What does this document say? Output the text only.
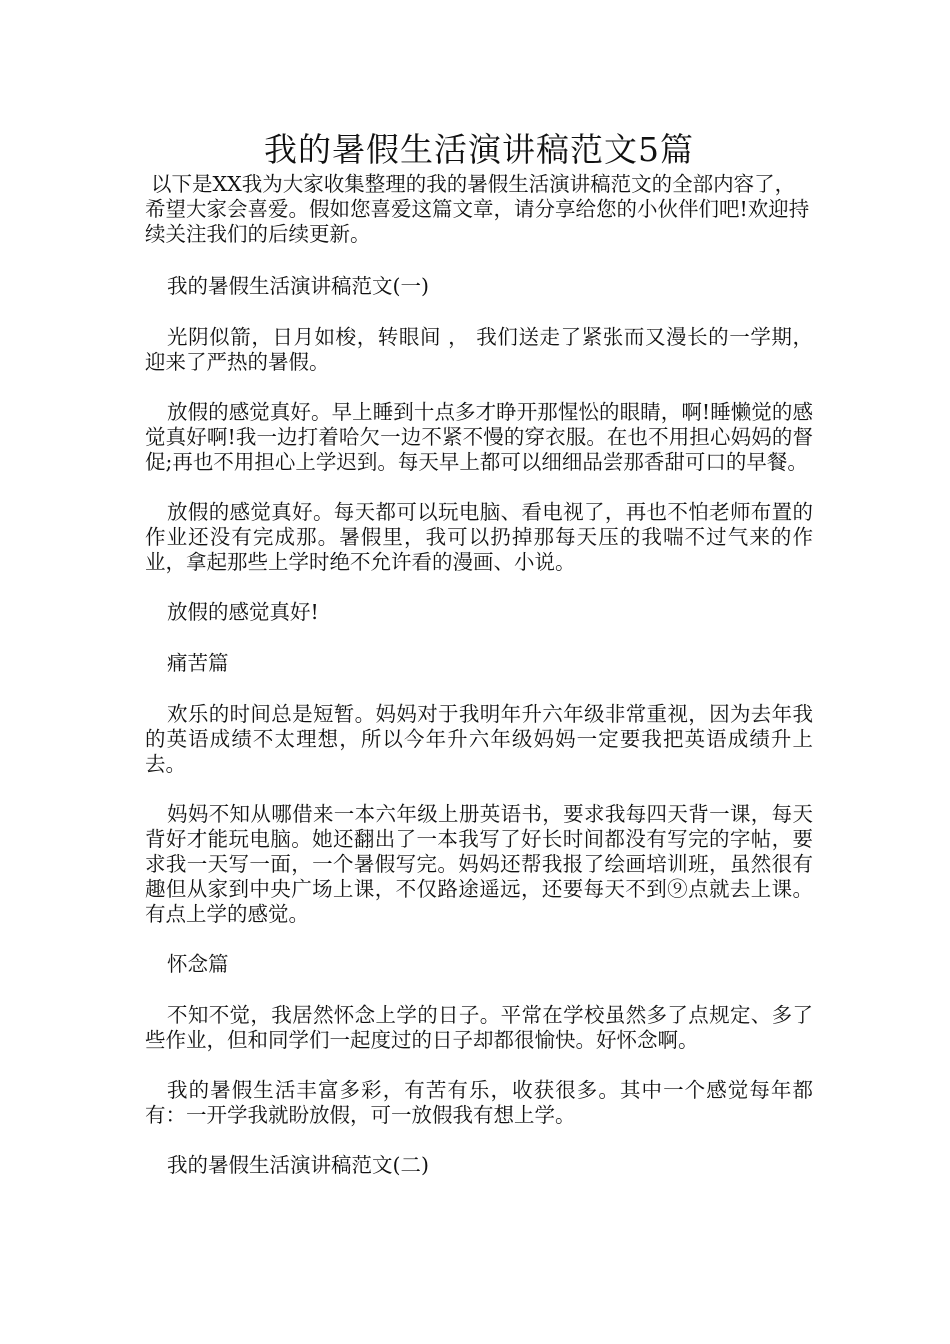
我的暑假生活演讲稿范文5篇

以下是XX我为大家收集整理的我的暑假生活演讲稿范文的全部内容了，希望大家会喜爱。假如您喜爱这篇文章，请分享给您的小伙伴们吧!欢迎持续关注我们的后续更新。

我的暑假生活演讲稿范文(一)

光阴似箭，日月如梭，转眼间 ， 我们送走了紧张而又漫长的一学期，迎来了严热的暑假。

放假的感觉真好。早上睡到十点多才睁开那惺忪的眼睛，啊!睡懒觉的感觉真好啊!我一边打着哈欠一边不紧不慢的穿衣服。在也不用担心妈妈的督促;再也不用担心上学迟到。每天早上都可以细细品尝那香甜可口的早餐。

放假的感觉真好。每天都可以玩电脑、看电视了，再也不怕老师布置的作业还没有完成那。暑假里，我可以扔掉那每天压的我喘不过气来的作业，拿起那些上学时绝不允许看的漫画、小说。

放假的感觉真好!

痛苦篇

欢乐的时间总是短暂。妈妈对于我明年升六年级非常重视，因为去年我的英语成绩不太理想，所以今年升六年级妈妈一定要我把英语成绩升上去。

妈妈不知从哪借来一本六年级上册英语书，要求我每四天背一课，每天背好才能玩电脑。她还翻出了一本我写了好长时间都没有写完的字帖，要求我一天写一面，一个暑假写完。妈妈还帮我报了绘画培训班，虽然很有趣但从家到中央广场上课，不仅路途遥远，还要每天不到⑨点就去上课。有点上学的感觉。

怀念篇

不知不觉，我居然怀念上学的日子。平常在学校虽然多了点规定、多了些作业，但和同学们一起度过的日子却都很愉快。好怀念啊。

我的暑假生活丰富多彩，有苦有乐，收获很多。其中一个感觉每年都有：一开学我就盼放假，可一放假我有想上学。

我的暑假生活演讲稿范文(二)
